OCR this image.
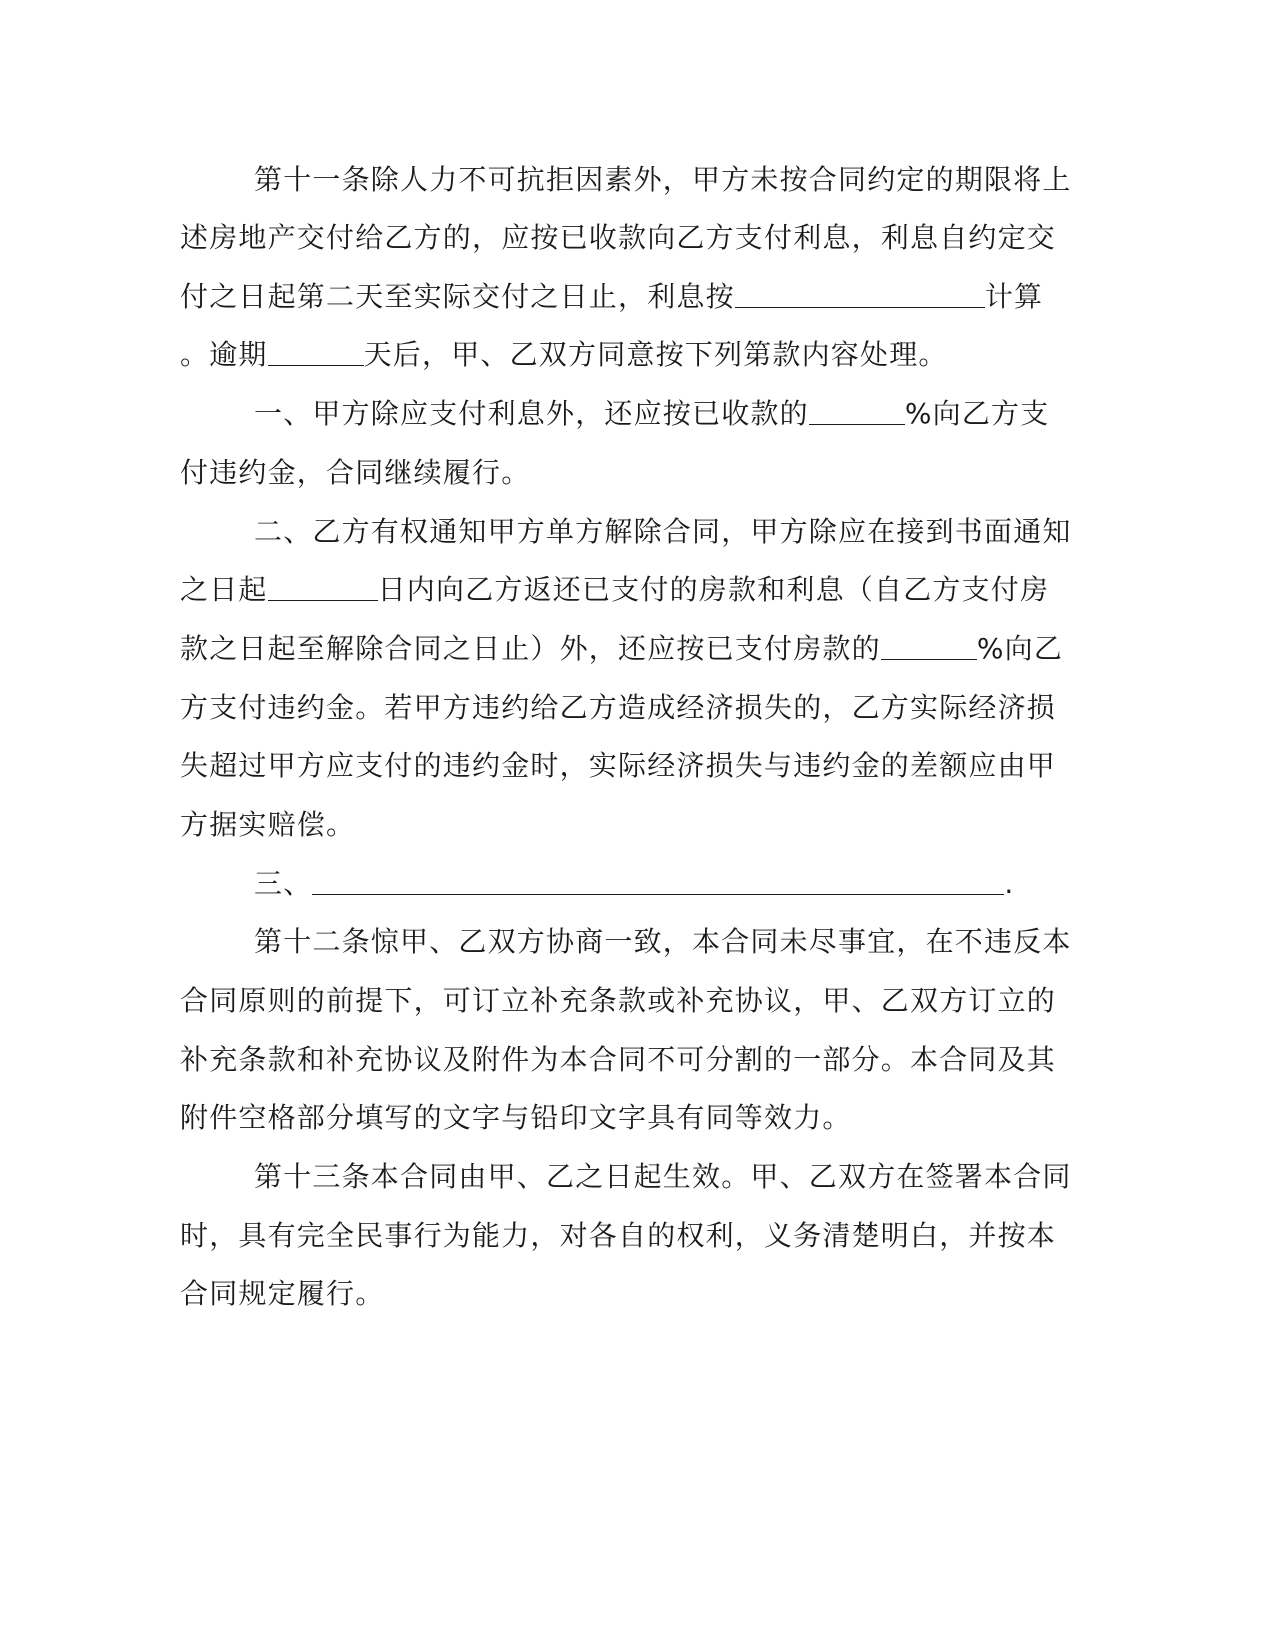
第十一条除人力不可抗拒因素外，甲方未按合同约定的期限将上
述房地产交付给乙方的，应按已收款向乙方支付利息，利息自约定交
付之日起第二天至实际交付之日止，利息按	计算
。逾期	天后，甲、乙双方同意按下列第款内容处理。
一、甲方除应支付利息外，还应按已收款的	%向乙方支
付违约金，合同继续履行。
二、乙方有权通知甲方单方解除合同，甲方除应在接到书面通知
之日起	日内向乙方返还已支付的房款和利息（自乙方支付房
款之日起至解除合同之日止）外，还应按已支付房款的	%向乙
方支付违约金。若甲方违约给乙方造成经济损失的，乙方实际经济损
失超过甲方应支付的违约金时，实际经济损失与违约金的差额应由甲
方据实赔偿。
三、	.
第十二条惊甲、乙双方协商一致，本合同未尽事宜，在不违反本
合同原则的前提下，可订立补充条款或补充协议，甲、乙双方订立的
补充条款和补充协议及附件为本合同不可分割的一部分。本合同及其
附件空格部分填写的文字与铅印文字具有同等效力。
第十三条本合同由甲、乙之日起生效。甲、乙双方在签署本合同
时，具有完全民事行为能力，对各自的权利，义务清楚明白，并按本
合同规定履行。
